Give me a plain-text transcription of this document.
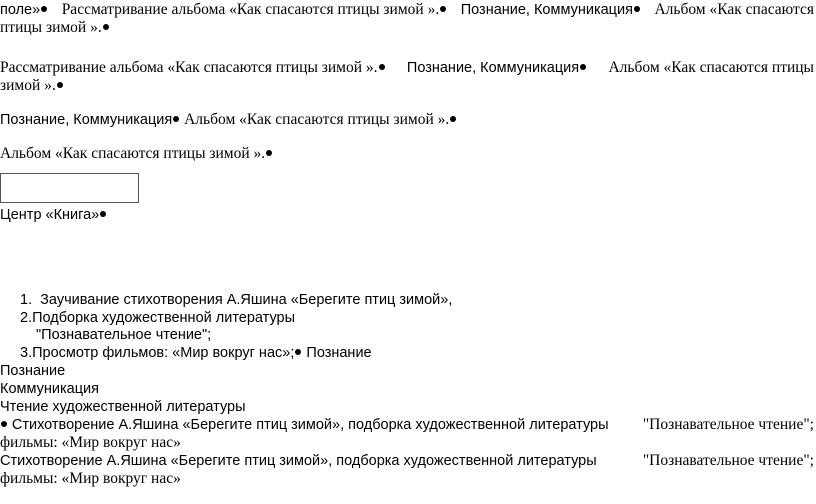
поле»	Рассматривание альбома «Как спасаются птицы зимой ».	Познание, Коммуникация	Альбом «Как спасаются
птицы зимой ».
Рассматривание альбома «Как спасаются птицы зимой ».	Познание, Коммуникация	Альбом «Как спасаются птицы
зимой ».
Познание, Коммуникация Альбом «Как спасаются птицы зимой ».
Альбом «Как спасаются птицы зимой ».
Центр «Книга»
1. Заучивание стихотворения А.Яшина «Берегите птиц зимой»,
2.Подборка художественной литературы
"Познавательное чтение";
3.Просмотр фильмов: «Мир вокруг нас»; Познание
Познание
Коммуникация
Чтение художественной литературы
Стихотворение А.Яшина «Берегите птиц зимой», подборка художественной литературы "Познавательное чтение";
фильмы: «Мир вокруг нас»
Стихотворение А.Яшина «Берегите птиц зимой», подборка художественной литературы	"Познавательное чтение";
фильмы: «Мир вокруг нас»
